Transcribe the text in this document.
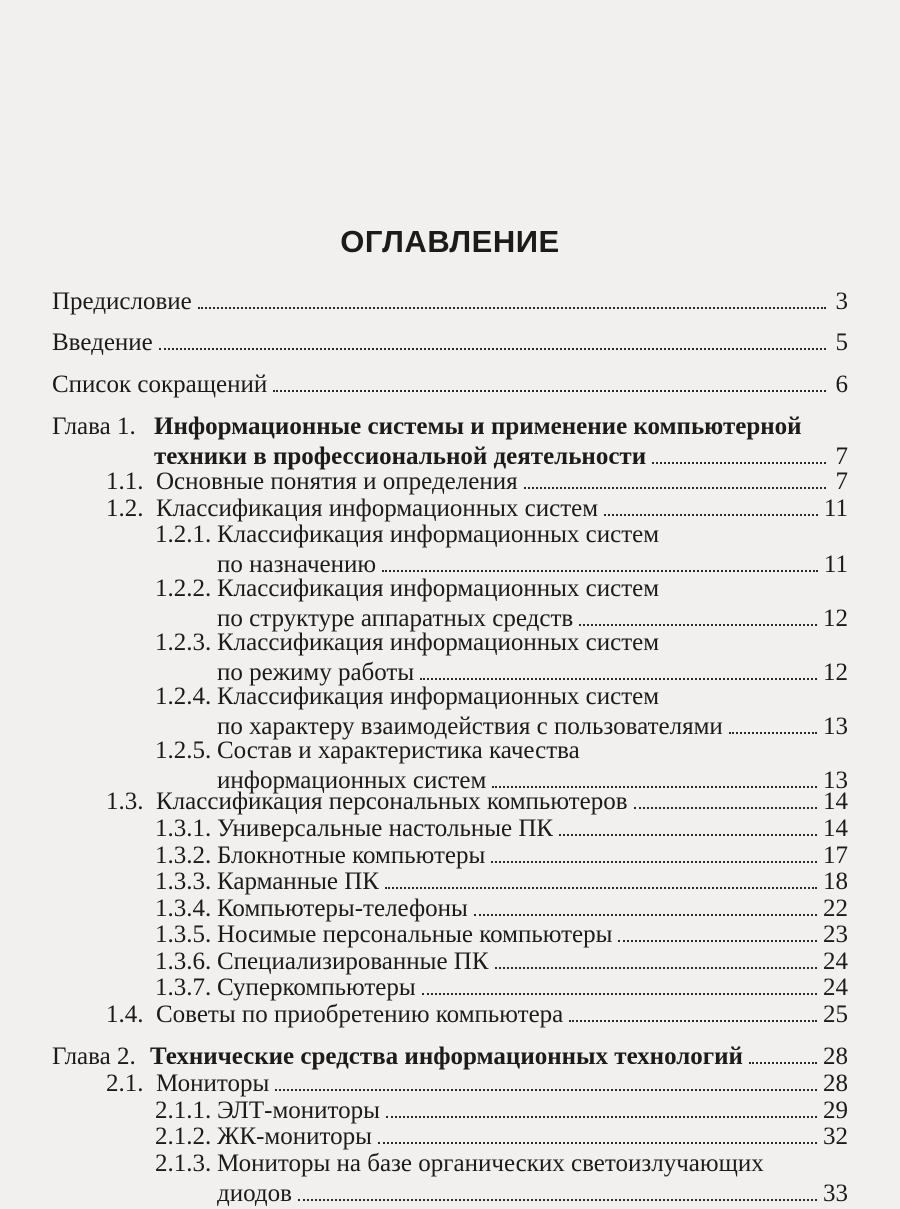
ОГЛАВЛЕНИЕ
Предисловие	3
Введение	5
Список сокращений	6
Глава 1. Информационные системы и применение компьютерной
техники в профессиональной деятельности	7
1.1. Основные понятия и определения	7
1.2. Классификация информационных систем	11
1.2.1. Классификация информационных систем
по назначению	11
1.2.2. Классификация информационных систем
по структуре аппаратных средств	12
1.2.3. Классификация информационных систем
по режиму работы	12
1.2.4. Классификация информационных систем
по характеру взаимодействия с пользователями	13
1.2.5. Состав и характеристика качества
информационных систем	13
1.3. Классификация персональных компьютеров	14
1.3.1. Универсальные настольные ПК	14
1.3.2. Блокнотные компьютеры	17
1.3.3. Карманные ПК	18
1.3.4. Компьютеры-телефоны	22
1.3.5. Носимые персональные компьютеры	23
1.3.6. Специализированные ПК	24
1.3.7. Суперкомпьютеры	24
1.4. Советы по приобретению компьютера	25
Глава 2. Технические средства информационных технологий	28
2.1. Мониторы	28
2.1.1. ЭЛТ-мониторы	29
2.1.2. ЖК-мониторы	32
2.1.3. Мониторы на базе органических светоизлучающих
диодов	33
